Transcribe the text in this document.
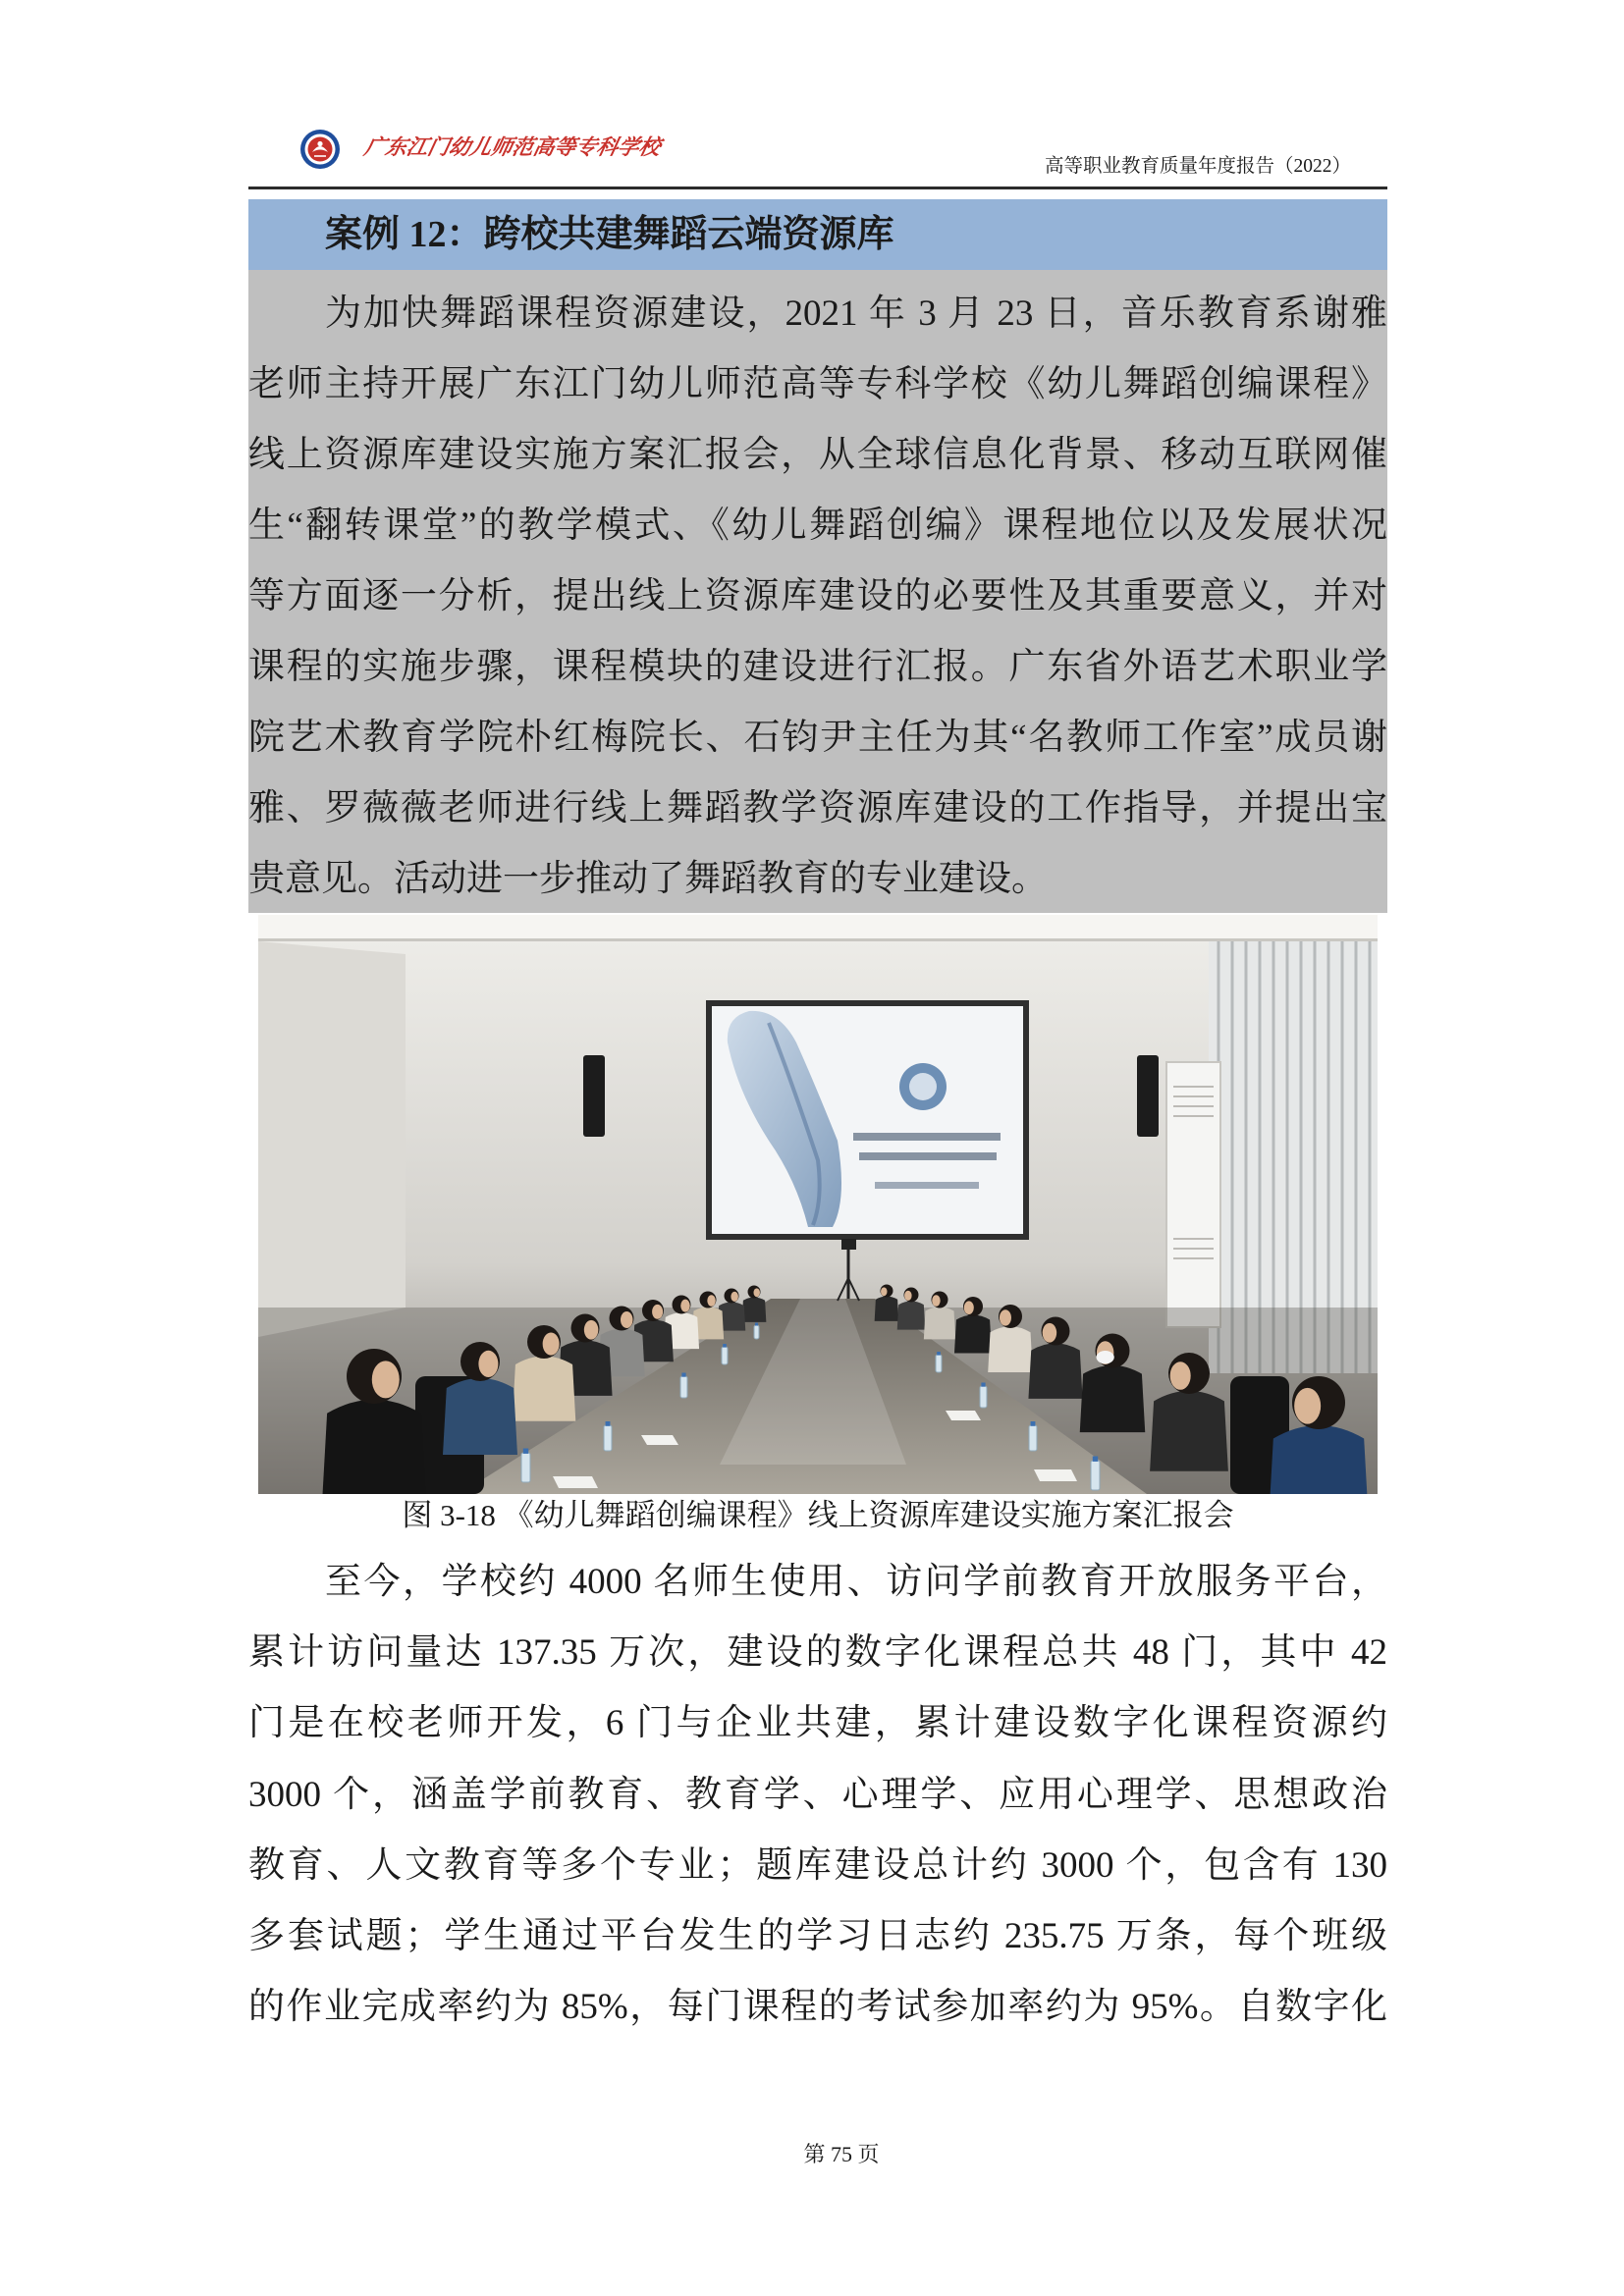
广东江门幼儿师范高等专科学校
高等职业教育质量年度报告（2022）
案例 12：跨校共建舞蹈云端资源库
为加快舞蹈课程资源建设，2021 年 3 月 23 日，音乐教育系谢雅
老师主持开展广东江门幼儿师范高等专科学校《幼儿舞蹈创编课程》
线上资源库建设实施方案汇报会，从全球信息化背景、移动互联网催
生“翻转课堂”的教学模式、《幼儿舞蹈创编》课程地位以及发展状况
等方面逐一分析，提出线上资源库建设的必要性及其重要意义，并对
课程的实施步骤，课程模块的建设进行汇报。广东省外语艺术职业学
院艺术教育学院朴红梅院长、石钧尹主任为其“名教师工作室”成员谢
雅、罗薇薇老师进行线上舞蹈教学资源库建设的工作指导，并提出宝
贵意见。活动进一步推动了舞蹈教育的专业建设。
图 3-18 《幼儿舞蹈创编课程》线上资源库建设实施方案汇报会
至今，学校约 4000 名师生使用、访问学前教育开放服务平台，
累计访问量达 137.35 万次，建设的数字化课程总共 48 门，其中 42
门是在校老师开发，6 门与企业共建，累计建设数字化课程资源约
3000 个，涵盖学前教育、教育学、心理学、应用心理学、思想政治
教育、人文教育等多个专业；题库建设总计约 3000 个，包含有 130
多套试题；学生通过平台发生的学习日志约 235.75 万条，每个班级
的作业完成率约为 85%，每门课程的考试参加率约为 95%。自数字化
第 75 页
